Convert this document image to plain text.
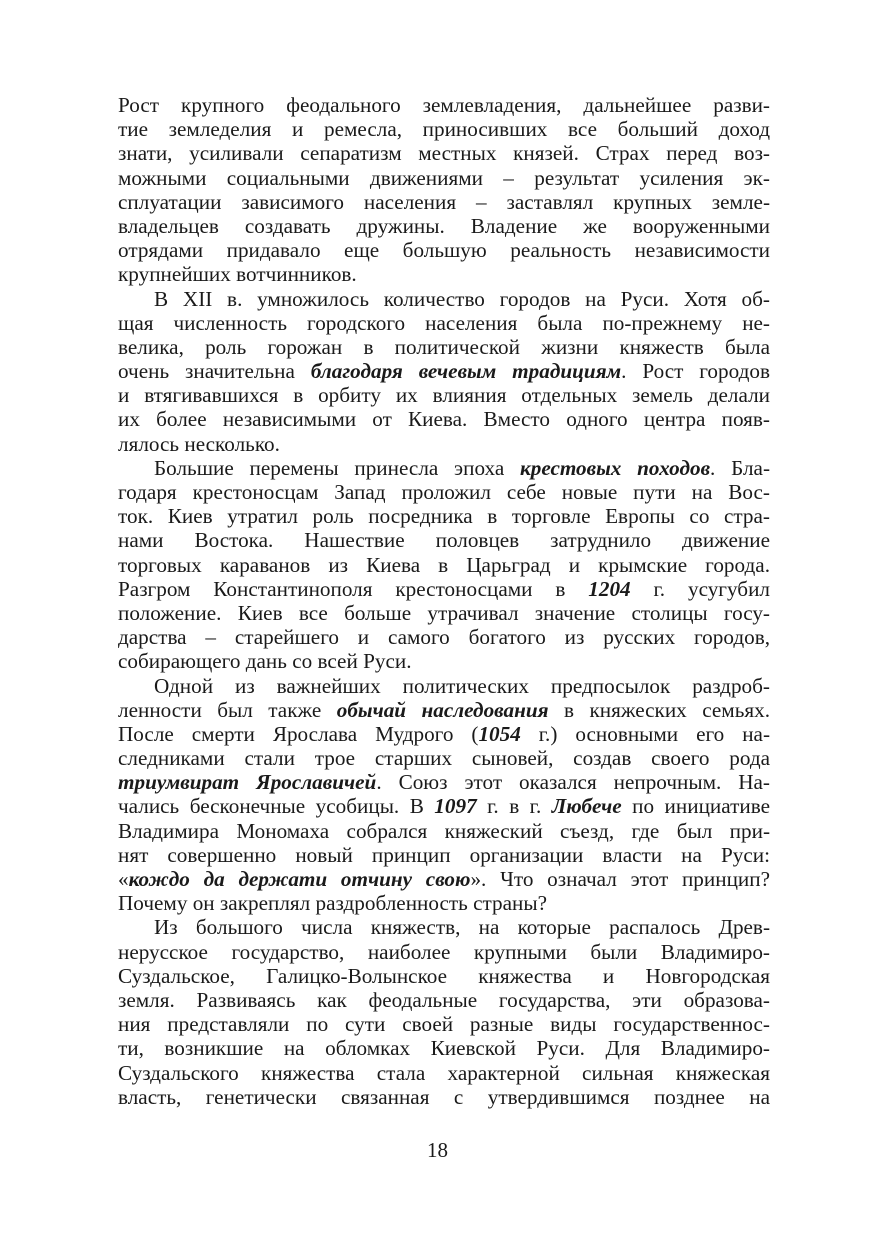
Рост крупного феодального землевладения, дальнейшее разви-
тие земледелия и ремесла, приносивших все больший доход
знати, усиливали сепаратизм местных князей. Страх перед воз-
можными социальными движениями – результат усиления эк-
сплуатации зависимого населения – заставлял крупных земле-
владельцев создавать дружины. Владение же вооруженными
отрядами придавало еще большую реальность независимости
крупнейших вотчинников.
В XII в. умножилось количество городов на Руси. Хотя об-
щая численность городского населения была по-прежнему не-
велика, роль горожан в политической жизни княжеств была
очень значительна благодаря вечевым традициям. Рост городов
и втягивавшихся в орбиту их влияния отдельных земель делали
их более независимыми от Киева. Вместо одного центра появ-
лялось несколько.
Большие перемены принесла эпоха крестовых походов. Бла-
годаря крестоносцам Запад проложил себе новые пути на Вос-
ток. Киев утратил роль посредника в торговле Европы со стра-
нами Востока. Нашествие половцев затруднило движение
торговых караванов из Киева в Царьград и крымские города.
Разгром Константинополя крестоносцами в 1204 г. усугубил
положение. Киев все больше утрачивал значение столицы госу-
дарства – старейшего и самого богатого из русских городов,
собирающего дань со всей Руси.
Одной из важнейших политических предпосылок раздроб-
ленности был также обычай наследования в княжеских семьях.
После смерти Ярослава Мудрого (1054 г.) основными его на-
следниками стали трое старших сыновей, создав своего рода
триумвират Ярославичей. Союз этот оказался непрочным. На-
чались бесконечные усобицы. В 1097 г. в г. Любече по инициативе
Владимира Мономаха собрался княжеский съезд, где был при-
нят совершенно новый принцип организации власти на Руси:
«кождо да держати отчину свою». Что означал этот принцип?
Почему он закреплял раздробленность страны?
Из большого числа княжеств, на которые распалось Древ-
нерусское государство, наиболее крупными были Владимиро-
Суздальское, Галицко-Волынское княжества и Новгородская
земля. Развиваясь как феодальные государства, эти образова-
ния представляли по сути своей разные виды государственнос-
ти, возникшие на обломках Киевской Руси. Для Владимиро-
Суздальского княжества стала характерной сильная княжеская
власть, генетически связанная с утвердившимся позднее на
18
